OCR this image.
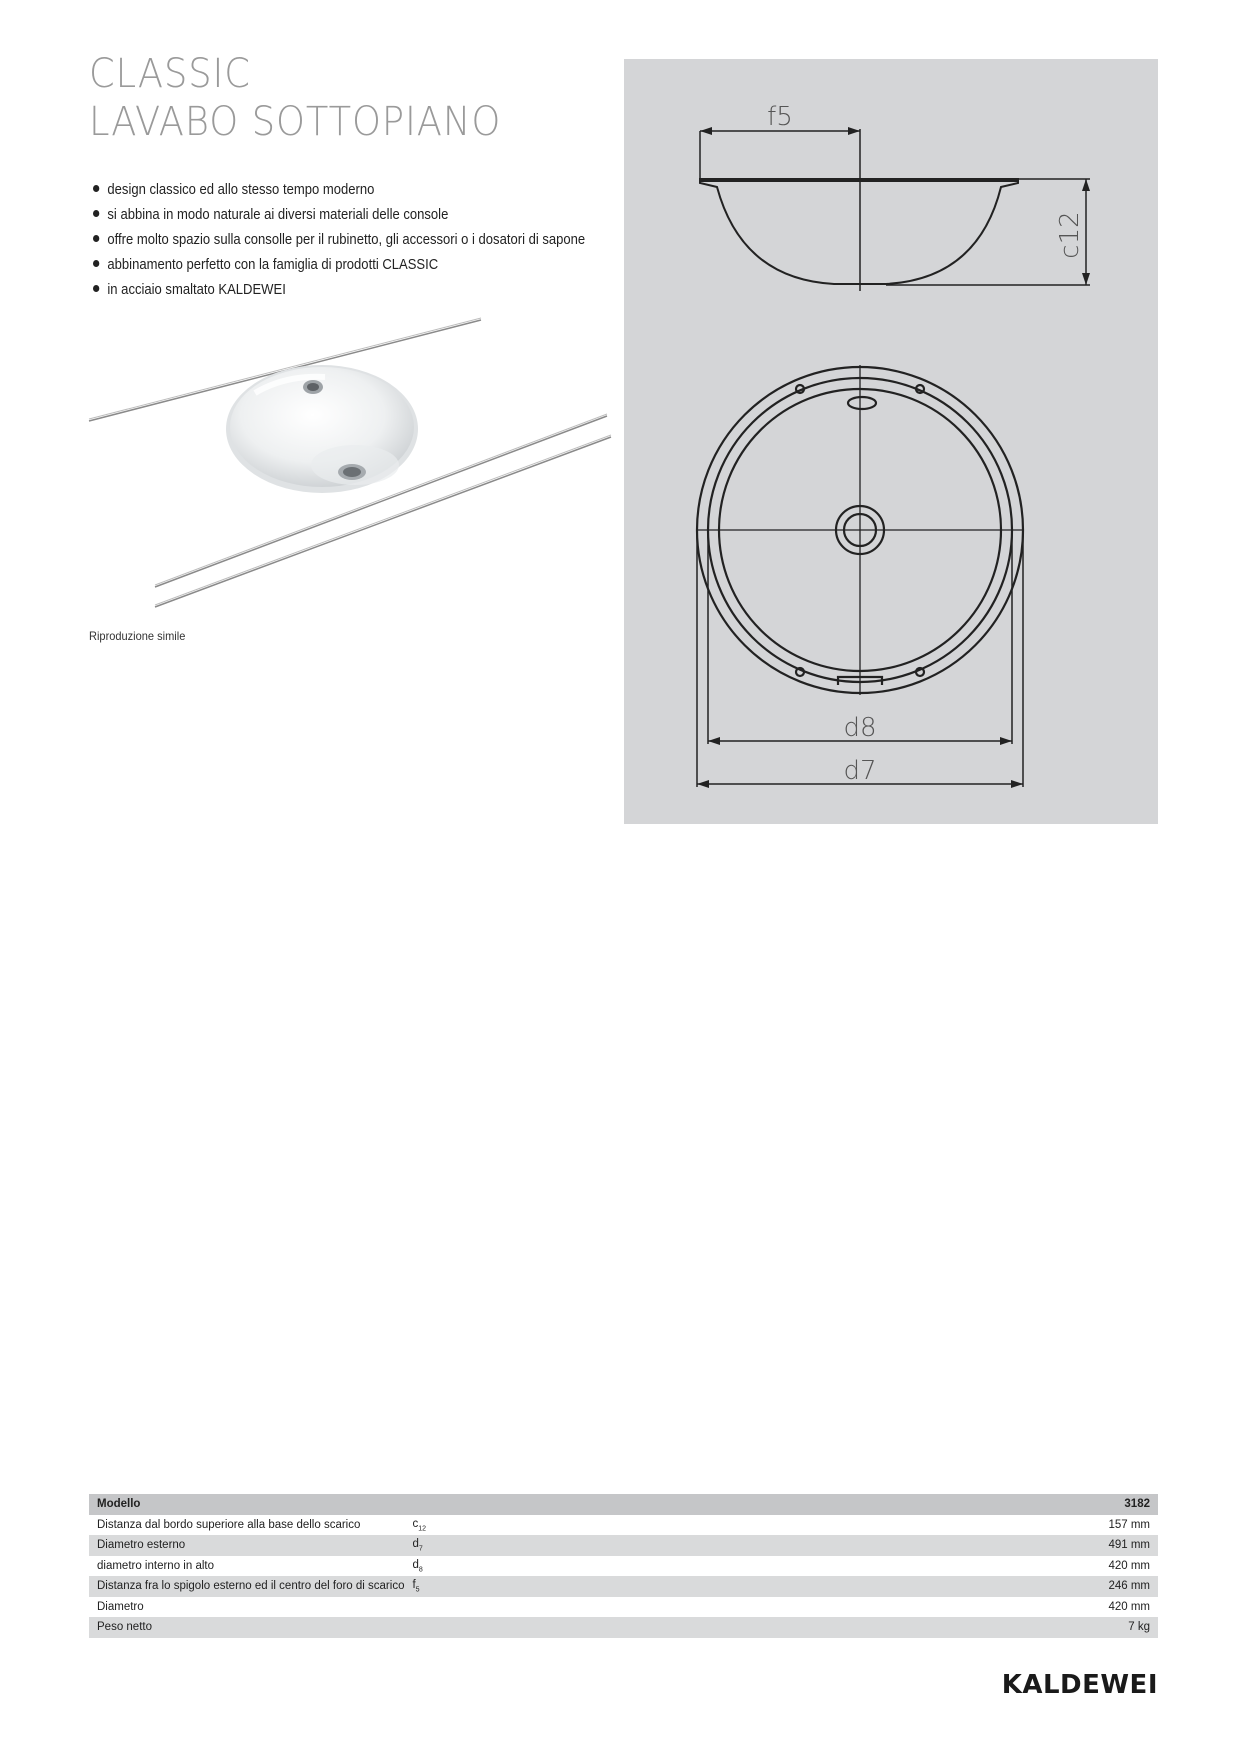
CLASSIC
LAVABO SOTTOPIANO
design classico ed allo stesso tempo moderno
si abbina in modo naturale ai diversi materiali delle console
offre molto spazio sulla consolle per il rubinetto, gli accessori o i dosatori di sapone
abbinamento perfetto con la famiglia di prodotti CLASSIC
in acciaio smaltato KALDEWEI
Riproduzione simile
f5
c12
d8
d7
Modello		3182
Distanza dal bordo superiore alla base dello scarico	$c_{12}$	157 mm
Diametro esterno	$d_7$	491 mm
diametro interno in alto	$d_8$	420 mm
Distanza fra lo spigolo esterno ed il centro del foro di scarico	$f_5$	246 mm
Diametro		420 mm
Peso netto		7 kg
KALDEWEI
